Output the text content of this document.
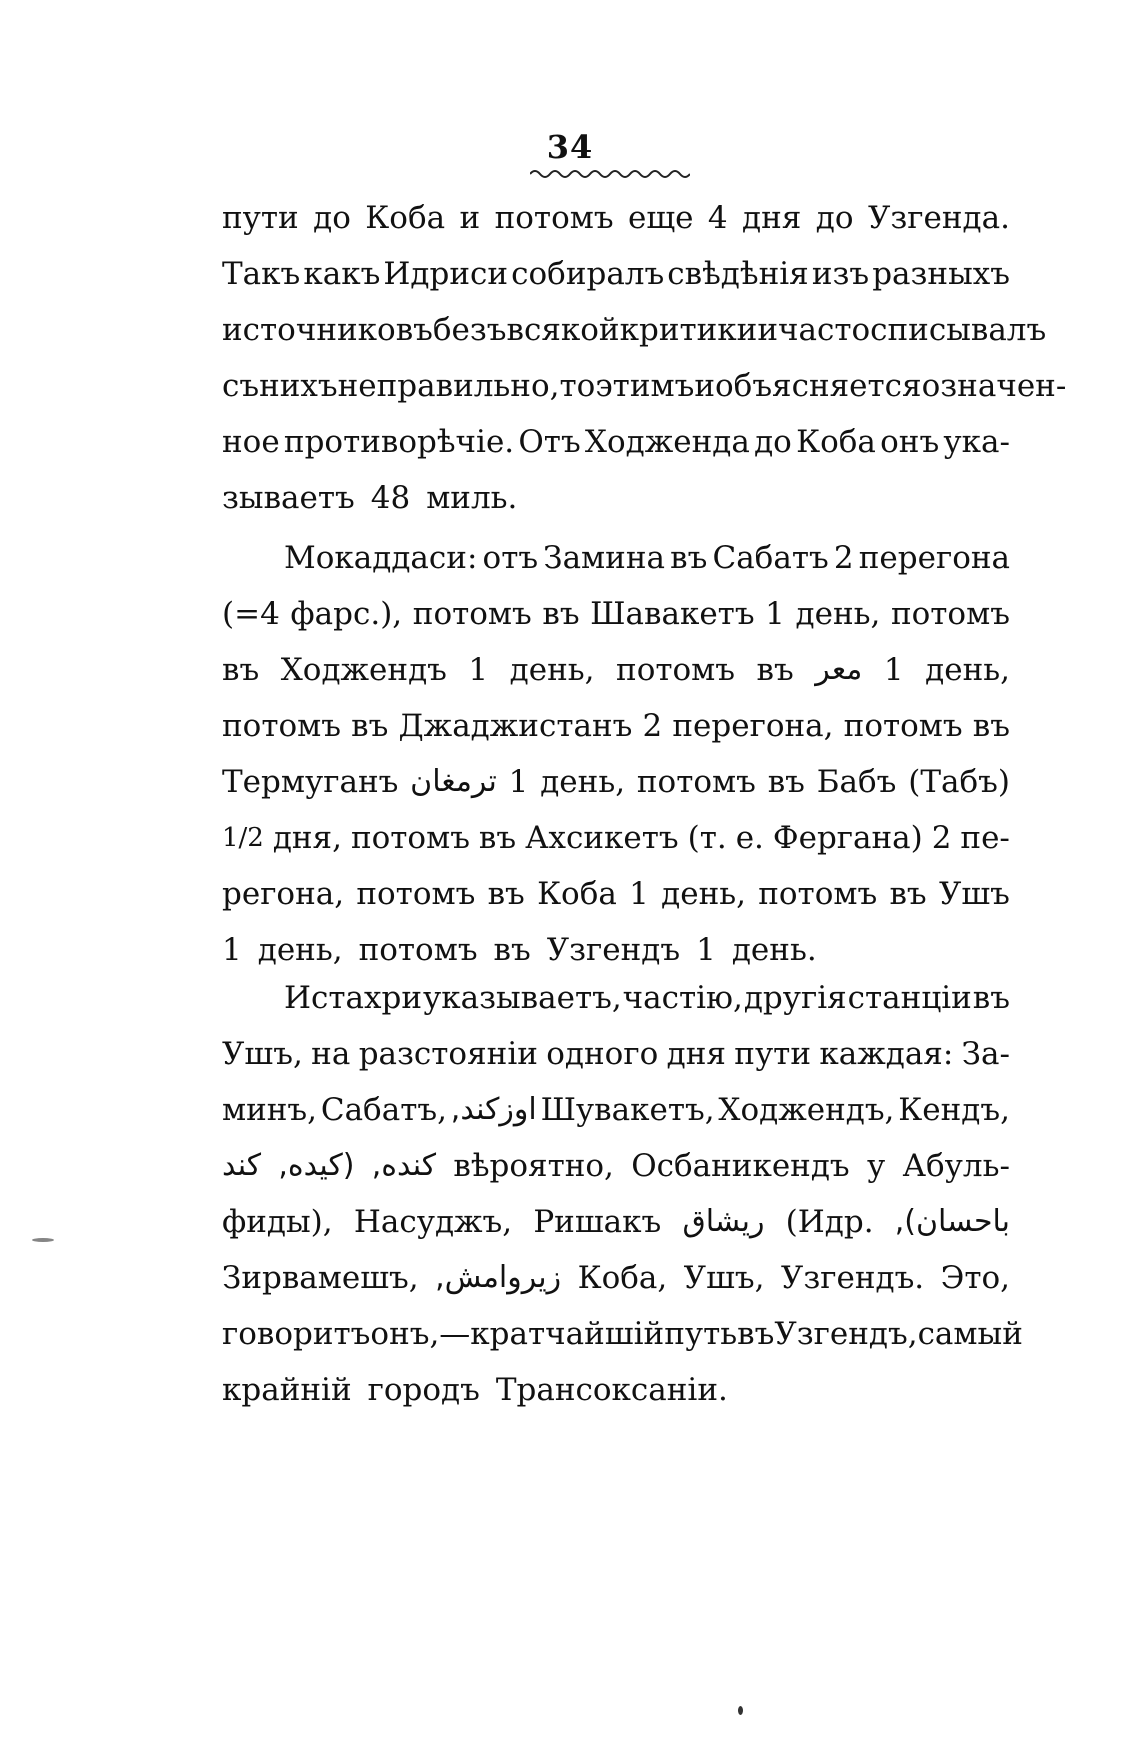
34
пути до Коба и потомъ еще 4 дня до Узгенда.
Такъ какъ Идриси собиралъ свѣдѣнія изъ разныхъ
источниковъ безъ всякой критики и часто списывалъ
съ нихъ неправильно, то этимъ и объясняется означен-
ное противорѣчіе. Отъ Ходженда до Коба онъ ука-
зываетъ 48 миль.
Мокаддаси: отъ Замина въ Сабатъ 2 перегона
(=4 фарс.), потомъ въ Шавакетъ 1 день, потомъ
въ Ходжендъ 1 день, потомъ въ معر 1 день,
потомъ въ Джаджистанъ 2 перегона, потомъ въ
Термуганъ ترمغان 1 день, потомъ въ Бабъ (Табъ)
1/2 дня, потомъ въ Ахсикетъ (т. е. Фергана) 2 пе-
регона, потомъ въ Коба 1 день, потомъ въ Ушъ
1 день, потомъ въ Узгендъ 1 день.
Истахри указываетъ, частію, другія станціи въ
Ушъ, на разстояніи одного дня пути каждая: За-
минъ, Сабатъ, اوزكند, Шувакетъ, Ходжендъ, Кендъ,
كند (كيده, كنده, вѣроятно, Осбаникендъ у Абуль-
фиды), Насуджъ, Ришакъ ريشاق (Идр. باحسان),
Зирвамешъ, زيروامش, Коба, Ушъ, Узгендъ. Это,
говоритъ онъ,—кратчайшій путь въ Узгендъ, самый
крайній городъ Трансоксаніи.
